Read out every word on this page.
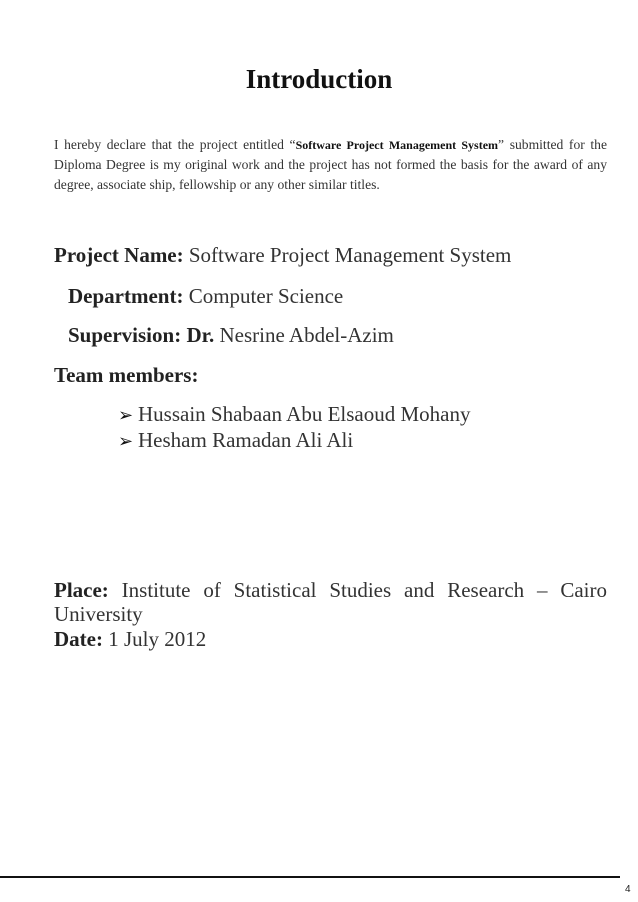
Introduction
I hereby declare that the project entitled “Software Project Management System” submitted for the Diploma Degree is my original work and the project has not formed the basis for the award of any degree, associate ship, fellowship or any other similar titles.
Project Name: Software Project Management System
Department: Computer Science
Supervision: Dr. Nesrine Abdel-Azim
Team members:
➢ Hussain Shabaan Abu Elsaoud Mohany
➢ Hesham Ramadan Ali Ali
Place: Institute of Statistical Studies and Research – Cairo University
Date: 1 July 2012
4
